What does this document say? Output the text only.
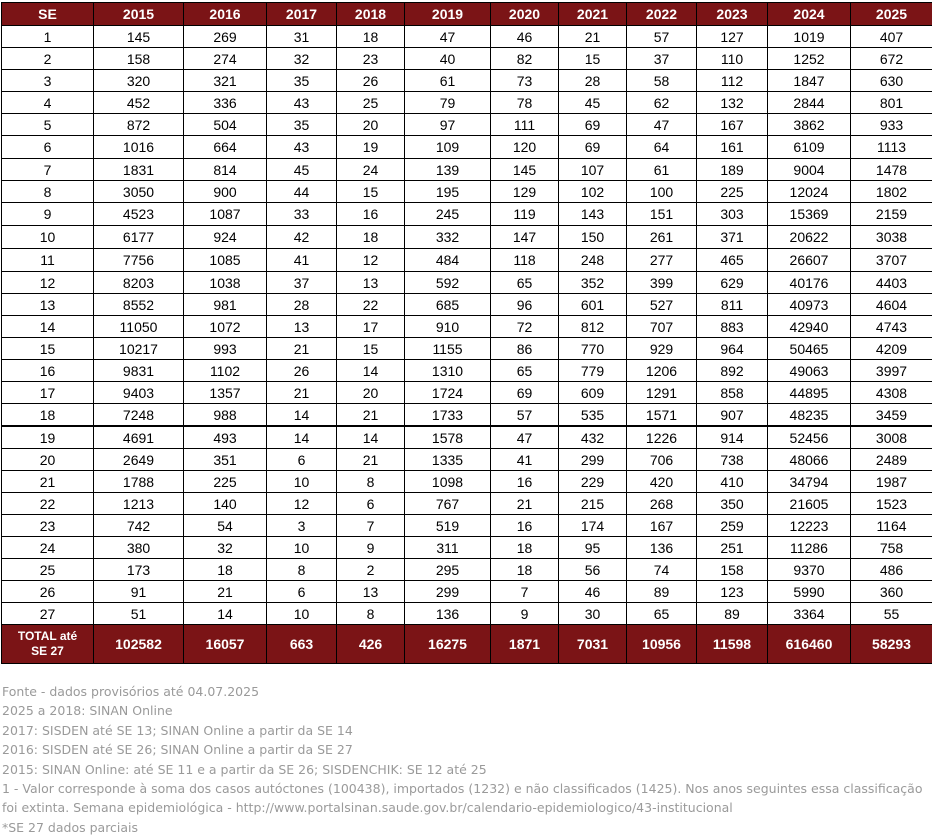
SE	2015	2016	2017	2018	2019	2020	2021	2022	2023	2024	2025
1	145	269	31	18	47	46	21	57	127	1019	407
2	158	274	32	23	40	82	15	37	110	1252	672
3	320	321	35	26	61	73	28	58	112	1847	630
4	452	336	43	25	79	78	45	62	132	2844	801
5	872	504	35	20	97	111	69	47	167	3862	933
6	1016	664	43	19	109	120	69	64	161	6109	1113
7	1831	814	45	24	139	145	107	61	189	9004	1478
8	3050	900	44	15	195	129	102	100	225	12024	1802
9	4523	1087	33	16	245	119	143	151	303	15369	2159
10	6177	924	42	18	332	147	150	261	371	20622	3038
11	7756	1085	41	12	484	118	248	277	465	26607	3707
12	8203	1038	37	13	592	65	352	399	629	40176	4403
13	8552	981	28	22	685	96	601	527	811	40973	4604
14	11050	1072	13	17	910	72	812	707	883	42940	4743
15	10217	993	21	15	1155	86	770	929	964	50465	4209
16	9831	1102	26	14	1310	65	779	1206	892	49063	3997
17	9403	1357	21	20	1724	69	609	1291	858	44895	4308
18	7248	988	14	21	1733	57	535	1571	907	48235	3459
19	4691	493	14	14	1578	47	432	1226	914	52456	3008
20	2649	351	6	21	1335	41	299	706	738	48066	2489
21	1788	225	10	8	1098	16	229	420	410	34794	1987
22	1213	140	12	6	767	21	215	268	350	21605	1523
23	742	54	3	7	519	16	174	167	259	12223	1164
24	380	32	10	9	311	18	95	136	251	11286	758
25	173	18	8	2	295	18	56	74	158	9370	486
26	91	21	6	13	299	7	46	89	123	5990	360
27	51	14	10	8	136	9	30	65	89	3364	55
TOTAL até
SE 27	102582	16057	663	426	16275	1871	7031	10956	11598	616460	58293
Fonte - dados provisórios até 04.07.2025
2025 a 2018: SINAN Online
2017: SISDEN até SE 13; SINAN Online a partir da SE 14
2016: SISDEN até SE 26; SINAN Online a partir da SE 27
2015: SINAN Online: até SE 11 e a partir da SE 26; SISDENCHIK: SE 12 até 25
1 - Valor corresponde à soma dos casos autóctones (100438), importados (1232) e não classificados (1425). Nos anos seguintes essa classificação foi extinta. Semana epidemiológica - http://www.portalsinan.saude.gov.br/calendario-epidemiologico/43-institucional
*SE 27 dados parciais
